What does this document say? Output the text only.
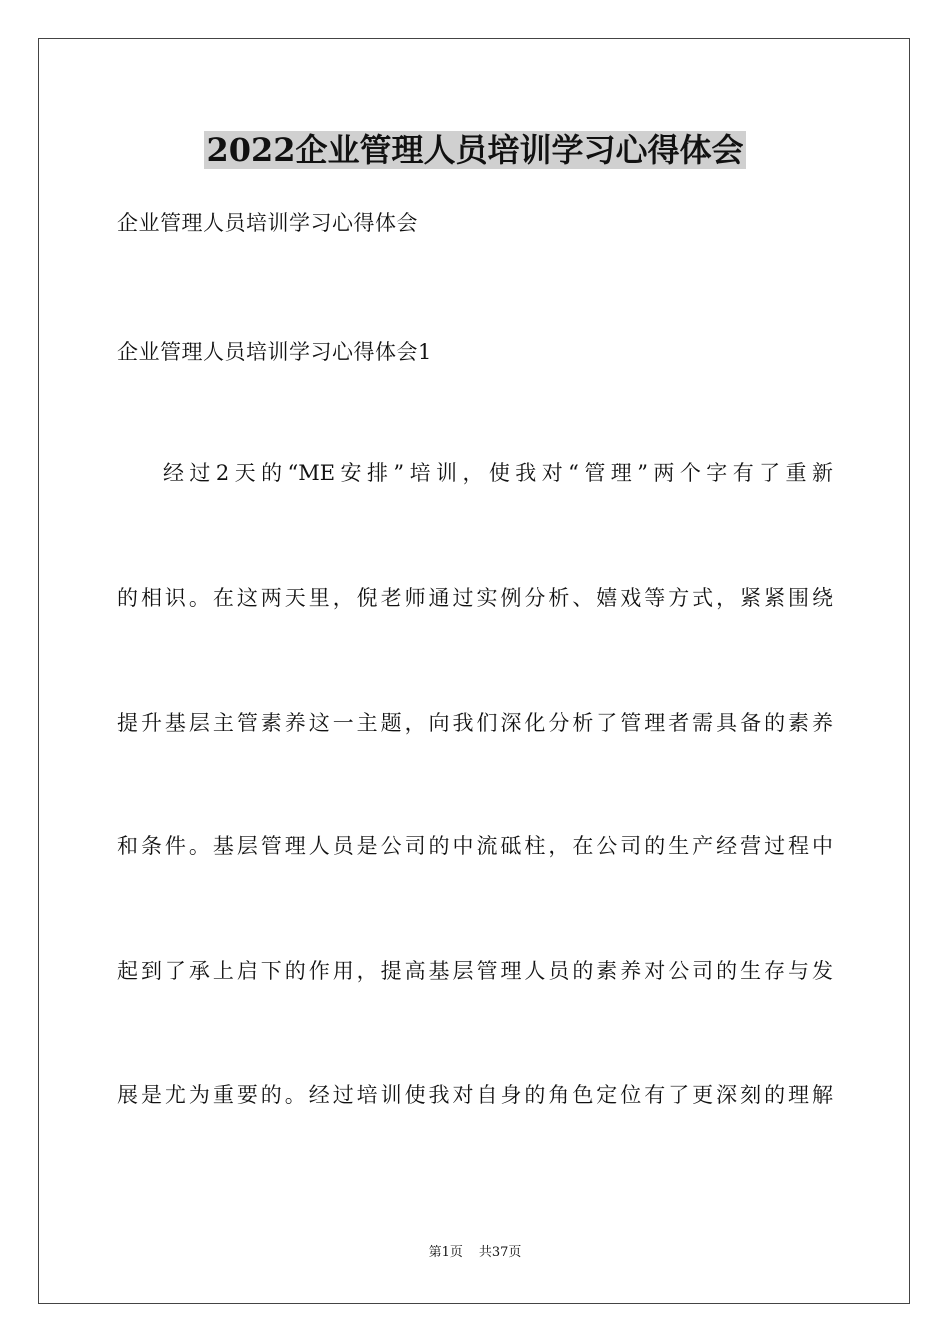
2022企业管理人员培训学习心得体会
企业管理人员培训学习心得体会
企业管理人员培训学习心得体会1
经过2天的“ME安排”培训，使我对“管理”两个字有了重新
的相识。在这两天里，倪老师通过实例分析、嬉戏等方式，紧紧围绕
提升基层主管素养这一主题，向我们深化分析了管理者需具备的素养
和条件。基层管理人员是公司的中流砥柱，在公司的生产经营过程中
起到了承上启下的作用，提高基层管理人员的素养对公司的生存与发
展是尤为重要的。经过培训使我对自身的角色定位有了更深刻的理解
第1页 共37页
